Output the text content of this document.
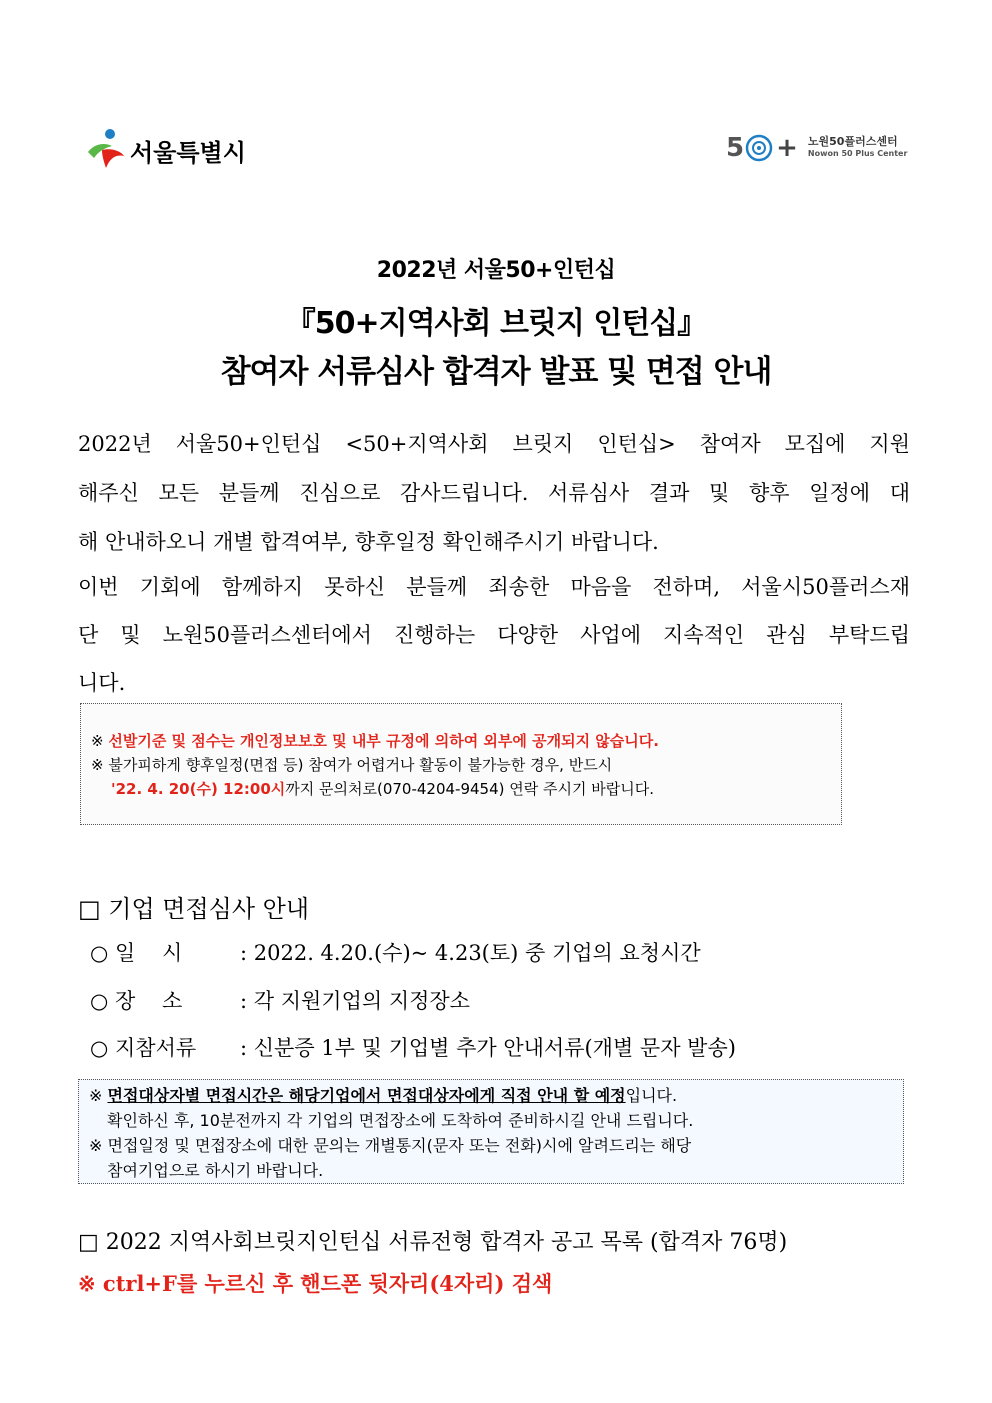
서울특별시	5 + 노원50플러스센터
Nowon 50 Plus Center
2022년 서울50+인턴십
『50+지역사회 브릿지 인턴십』
참여자 서류심사 합격자 발표 및 면접 안내
2022년 서울50+인턴십 <50+지역사회 브릿지 인턴십> 참여자 모집에 지원
해주신 모든 분들께 진심으로 감사드립니다. 서류심사 결과 및 향후 일정에 대
해 안내하오니 개별 합격여부, 향후일정 확인해주시기 바랍니다.
이번 기회에 함께하지 못하신 분들께 죄송한 마음을 전하며, 서울시50플러스재
단 및 노원50플러스센터에서 진행하는 다양한 사업에 지속적인 관심 부탁드립
니다.
※ 선발기준 및 점수는 개인정보보호 및 내부 규정에 의하여 외부에 공개되지 않습니다.
※ 불가피하게 향후일정(면접 등) 참여가 어렵거나 활동이 불가능한 경우, 반드시
'22. 4. 20(수) 12:00시까지 문의처로(070-4204-9454) 연락 주시기 바랍니다.
□ 기업 면접심사 안내
○ 일    시	: 2022. 4.20.(수)~ 4.23(토) 중 기업의 요청시간
○ 장    소	: 각 지원기업의 지정장소
○ 지참서류 : 신분증 1부 및 기업별 추가 안내서류(개별 문자 발송)
※ 면접대상자별 면접시간은 해당기업에서 면접대상자에게 직접 안내 할 예정입니다.
확인하신 후, 10분전까지 각 기업의 면접장소에 도착하여 준비하시길 안내 드립니다.
※ 면접일정 및 면접장소에 대한 문의는 개별통지(문자 또는 전화)시에 알려드리는 해당
참여기업으로 하시기 바랍니다.
□ 2022 지역사회브릿지인턴십 서류전형 합격자 공고 목록 (합격자 76명)
※ ctrl+F를 누르신 후 핸드폰 뒷자리(4자리) 검색
